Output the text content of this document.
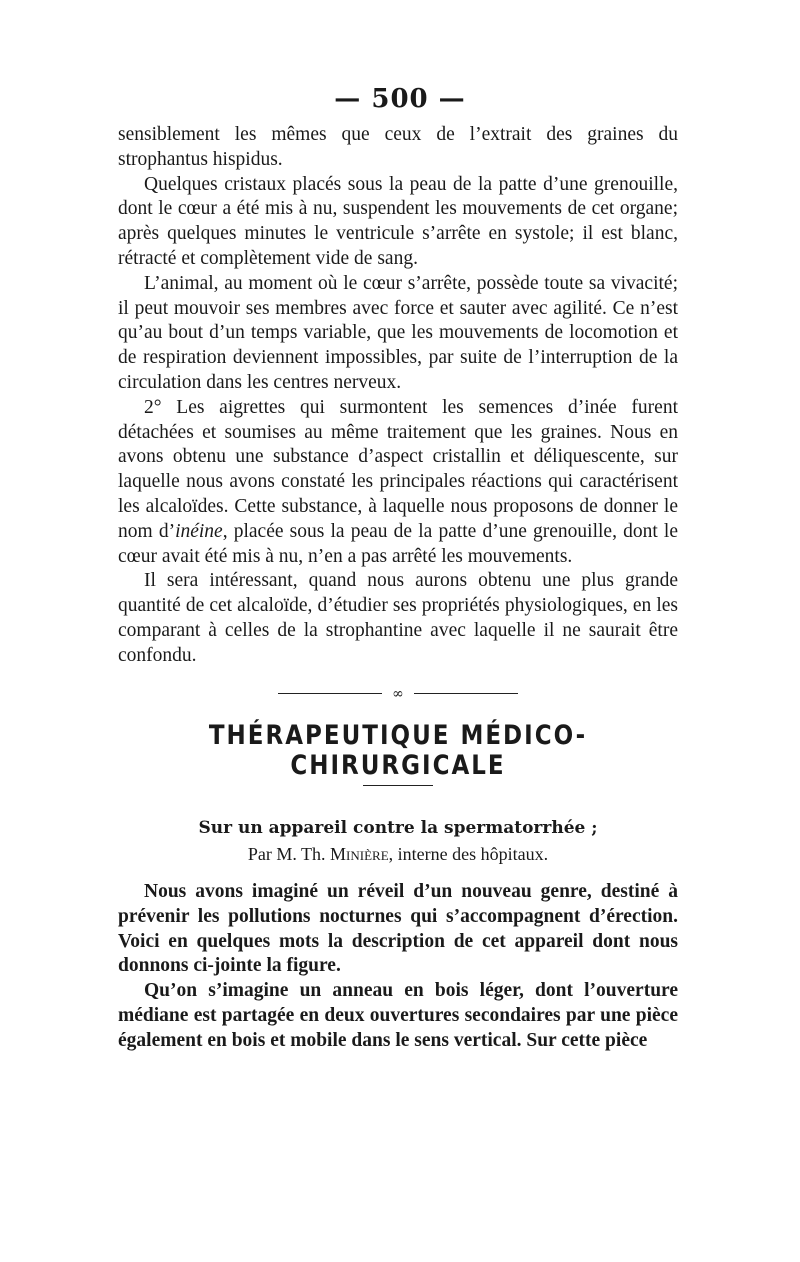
— 500 —

sensiblement les mêmes que ceux de l’extrait des graines du strophantus hispidus.

Quelques cristaux placés sous la peau de la patte d’une grenouille, dont le cœur a été mis à nu, suspendent les mouvements de cet organe; après quelques minutes le ventricule s’arrête en systole; il est blanc, rétracté et complètement vide de sang.

L’animal, au moment où le cœur s’arrête, possède toute sa vivacité; il peut mouvoir ses membres avec force et sauter avec agilité. Ce n’est qu’au bout d’un temps variable, que les mouvements de locomotion et de respiration deviennent impossibles, par suite de l’interruption de la circulation dans les centres nerveux.

2° Les aigrettes qui surmontent les semences d’inée furent détachées et soumises au même traitement que les graines. Nous en avons obtenu une substance d’aspect cristallin et déliquescente, sur laquelle nous avons constaté les principales réactions qui caractérisent les alcaloïdes. Cette substance, à laquelle nous proposons de donner le nom d’inéine, placée sous la peau de la patte d’une grenouille, dont le cœur avait été mis à nu, n’en a pas arrêté les mouvements.

Il sera intéressant, quand nous aurons obtenu une plus grande quantité de cet alcaloïde, d’étudier ses propriétés physiologiques, en les comparant à celles de la strophantine avec laquelle il ne saurait être confondu.

∞
THÉRAPEUTIQUE MÉDICO-CHIRURGICALE

Sur un appareil contre la spermatorrhée ;

Par M. Th. Minière, interne des hôpitaux.

Nous avons imaginé un réveil d’un nouveau genre, destiné à prévenir les pollutions nocturnes qui s’accompagnent d’érection. Voici en quelques mots la description de cet appareil dont nous donnons ci-jointe la figure.

Qu’on s’imagine un anneau en bois léger, dont l’ouverture médiane est partagée en deux ouvertures secondaires par une pièce également en bois et mobile dans le sens vertical. Sur cette pièce
